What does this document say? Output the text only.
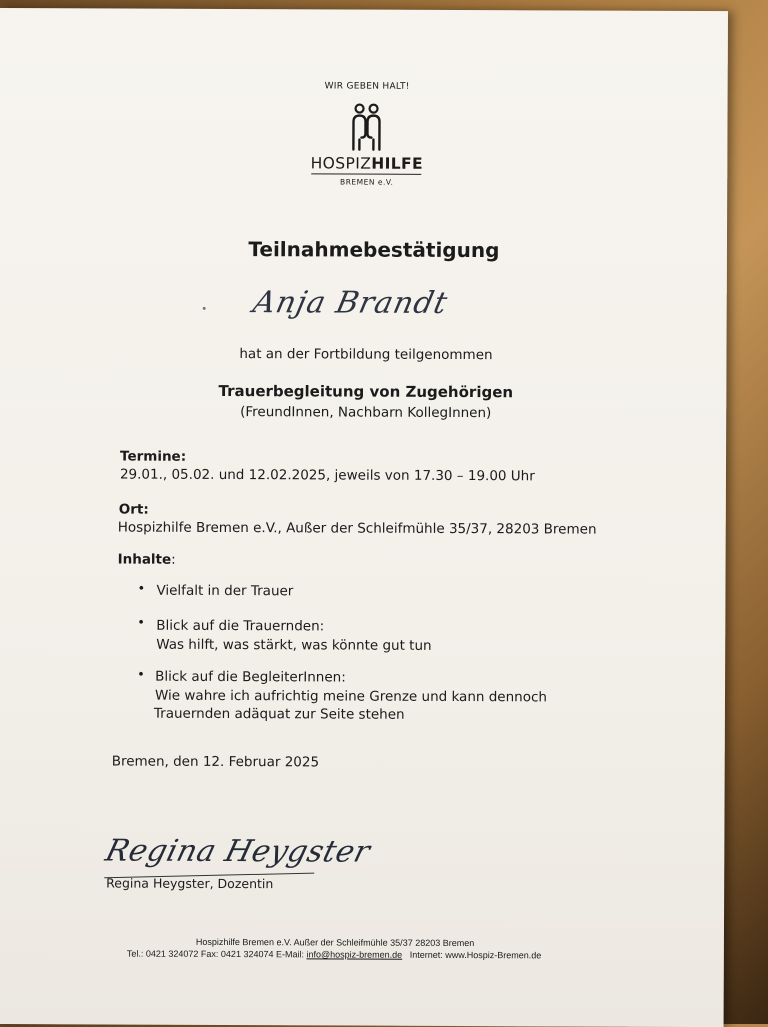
WIR GEBEN HALT!
HOSPIZHILFE
BREMEN e.V.
Teilnahmebestätigung
Anja Brandt
hat an der Fortbildung teilgenommen
Trauerbegleitung von Zugehörigen
(FreundInnen, Nachbarn KollegInnen)
Termine:
29.01., 05.02. und 12.02.2025, jeweils von 17.30 – 19.00 Uhr
Ort:
Hospizhilfe Bremen e.V., Außer der Schleifmühle 35/37, 28203 Bremen
Inhalte:
• Vielfalt in der Trauer
• Blick auf die Trauernden:
Was hilft, was stärkt, was könnte gut tun
• Blick auf die BegleiterInnen:
Wie wahre ich aufrichtig meine Grenze und kann dennoch
Trauernden adäquat zur Seite stehen
Bremen, den 12. Februar 2025
Regina Heygster
Regina Heygster, Dozentin
Hospizhilfe Bremen e.V. Außer der Schleifmühle 35/37 28203 Bremen
Tel.: 0421 324072 Fax: 0421 324074 E-Mail: info@hospiz-bremen.de Internet: www.Hospiz-Bremen.de
